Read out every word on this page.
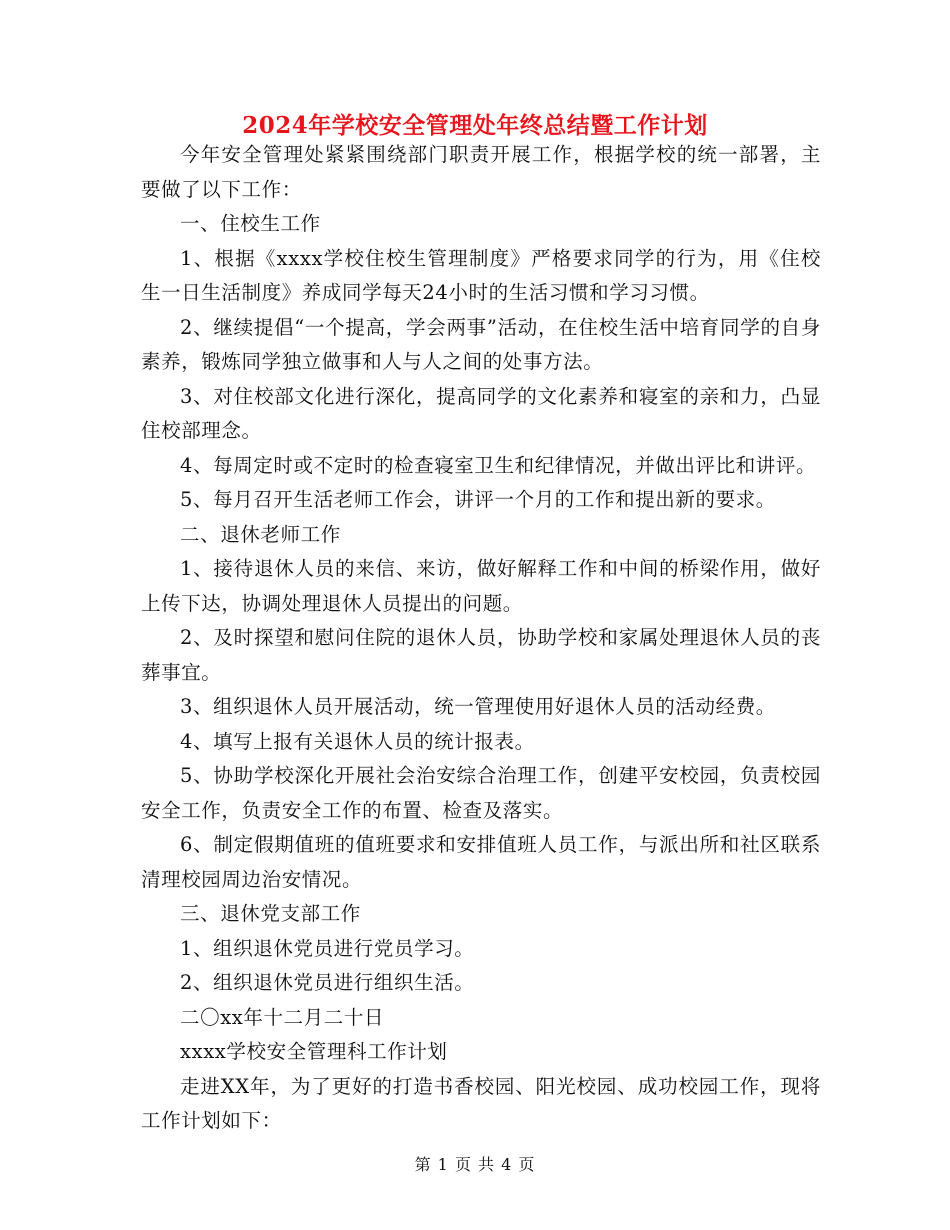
2024年学校安全管理处年终总结暨工作计划

今年安全管理处紧紧围绕部门职责开展工作，根据学校的统一部署，主要做了以下工作：

一、住校生工作

1、根据《xxxx学校住校生管理制度》严格要求同学的行为，用《住校生一日生活制度》养成同学每天24小时的生活习惯和学习习惯。

2、继续提倡“一个提高，学会两事”活动，在住校生活中培育同学的自身素养，锻炼同学独立做事和人与人之间的处事方法。

3、对住校部文化进行深化，提高同学的文化素养和寝室的亲和力，凸显住校部理念。

4、每周定时或不定时的检查寝室卫生和纪律情况，并做出评比和讲评。

5、每月召开生活老师工作会，讲评一个月的工作和提出新的要求。

二、退休老师工作

1、接待退休人员的来信、来访，做好解释工作和中间的桥梁作用，做好上传下达，协调处理退休人员提出的问题。

2、及时探望和慰问住院的退休人员，协助学校和家属处理退休人员的丧葬事宜。

3、组织退休人员开展活动，统一管理使用好退休人员的活动经费。

4、填写上报有关退休人员的统计报表。

5、协助学校深化开展社会治安综合治理工作，创建平安校园，负责校园安全工作，负责安全工作的布置、检查及落实。

6、制定假期值班的值班要求和安排值班人员工作，与派出所和社区联系清理校园周边治安情况。

三、退休党支部工作

1、组织退休党员进行党员学习。

2、组织退休党员进行组织生活。

二〇xx年十二月二十日

xxxx学校安全管理科工作计划

走进XX年，为了更好的打造书香校园、阳光校园、成功校园工作，现将工作计划如下：

第 1 页 共 4 页
